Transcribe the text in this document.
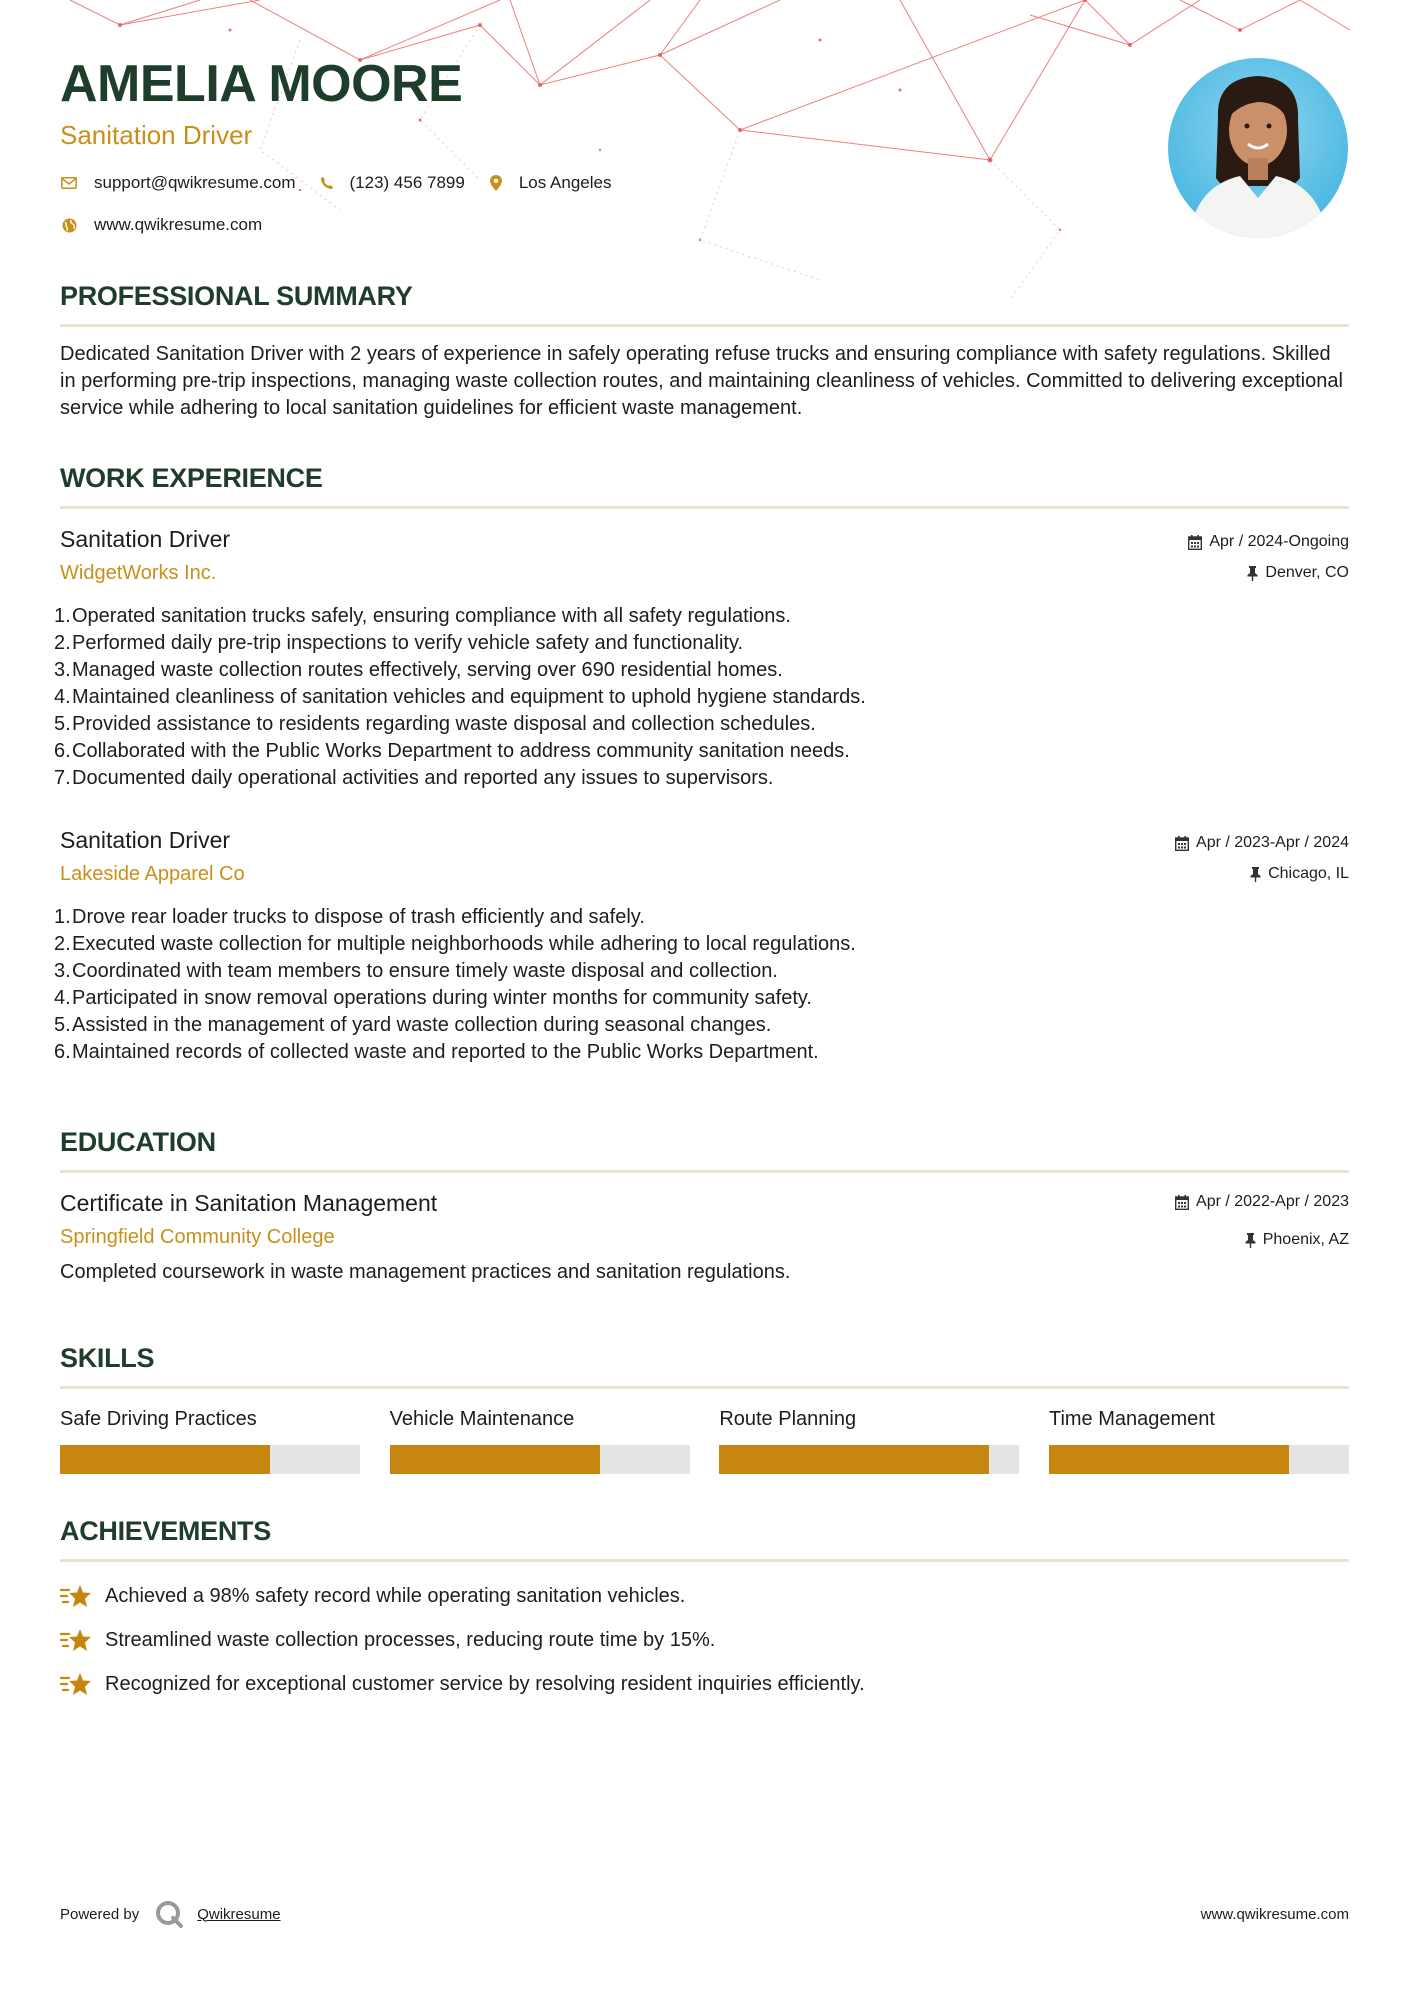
AMELIA MOORE
Sanitation Driver
support@qwikresume.com	(123) 456 7899	Los Angeles
www.qwikresume.com
PROFESSIONAL SUMMARY
Dedicated Sanitation Driver with 2 years of experience in safely operating refuse trucks and ensuring compliance with safety regulations. Skilled in performing pre-trip inspections, managing waste collection routes, and maintaining cleanliness of vehicles. Committed to delivering exceptional service while adhering to local sanitation guidelines for efficient waste management.
WORK EXPERIENCE
Sanitation Driver
WidgetWorks Inc.
Apr / 2024-Ongoing
Denver, CO
1. Operated sanitation trucks safely, ensuring compliance with all safety regulations.
2. Performed daily pre-trip inspections to verify vehicle safety and functionality.
3. Managed waste collection routes effectively, serving over 690 residential homes.
4. Maintained cleanliness of sanitation vehicles and equipment to uphold hygiene standards.
5. Provided assistance to residents regarding waste disposal and collection schedules.
6. Collaborated with the Public Works Department to address community sanitation needs.
7. Documented daily operational activities and reported any issues to supervisors.
Sanitation Driver
Lakeside Apparel Co
Apr / 2023-Apr / 2024
Chicago, IL
1. Drove rear loader trucks to dispose of trash efficiently and safely.
2. Executed waste collection for multiple neighborhoods while adhering to local regulations.
3. Coordinated with team members to ensure timely waste disposal and collection.
4. Participated in snow removal operations during winter months for community safety.
5. Assisted in the management of yard waste collection during seasonal changes.
6. Maintained records of collected waste and reported to the Public Works Department.
EDUCATION
Certificate in Sanitation Management
Springfield Community College
Apr / 2022-Apr / 2023
Phoenix, AZ
Completed coursework in waste management practices and sanitation regulations.
SKILLS
Safe Driving Practices	Vehicle Maintenance	Route Planning	Time Management
ACHIEVEMENTS
Achieved a 98% safety record while operating sanitation vehicles.
Streamlined waste collection processes, reducing route time by 15%.
Recognized for exceptional customer service by resolving resident inquiries efficiently.
Powered by	Qwikresume	www.qwikresume.com
